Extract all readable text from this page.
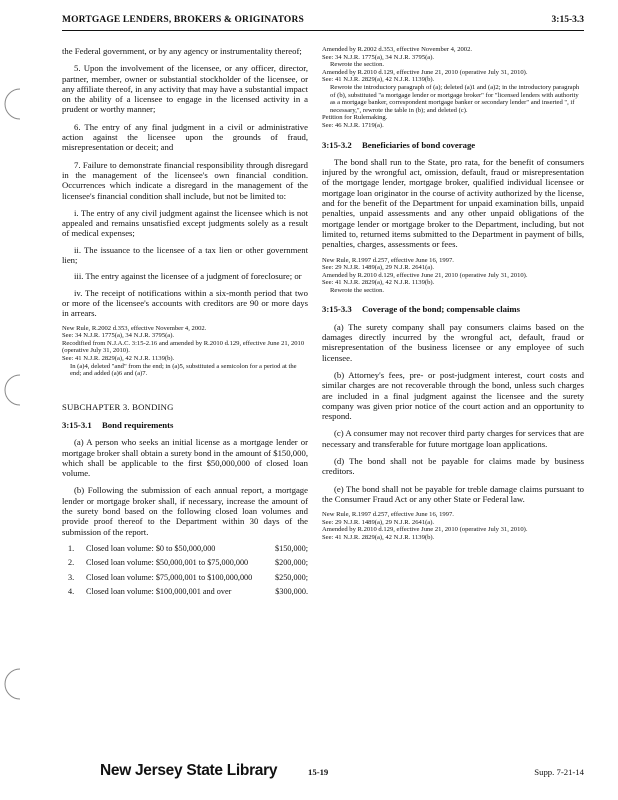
MORTGAGE LENDERS, BROKERS & ORIGINATORS	3:15-3.3

the Federal government, or by any agency or instrumentality thereof;

5. Upon the involvement of the licensee, or any officer, director, partner, member, owner or substantial stockholder of the licensee, or any affiliate thereof, in any activity that may have a substantial impact on the ability of a licensee to engage in the licensed activity in a prudent or worthy manner;

6. The entry of any final judgment in a civil or administrative action against the licensee upon the grounds of fraud, misrepresentation or deceit; and

7. Failure to demonstrate financial responsibility through disregard in the management of the licensee's own financial condition. Occurrences which indicate a disregard in the management of the licensee's financial condition shall include, but not be limited to:

i. The entry of any civil judgment against the licensee which is not appealed and remains unsatisfied except judgments solely as a result of medical expenses;

ii. The issuance to the licensee of a tax lien or other government lien;

iii. The entry against the licensee of a judgment of foreclosure; or

iv. The receipt of notifications within a six-month period that two or more of the licensee's accounts with creditors are 90 or more days in arrears.

New Rule, R.2002 d.353, effective November 4, 2002.

See: 34 N.J.R. 1775(a), 34 N.J.R. 3795(a).

Recodified from N.J.A.C. 3:15-2.16 and amended by R.2010 d.129, effective June 21, 2010 (operative July 31, 2010).

See: 41 N.J.R. 2829(a), 42 N.J.R. 1139(b).

In (a)4, deleted "and" from the end; in (a)5, substituted a semicolon for a period at the end; and added (a)6 and (a)7.

SUBCHAPTER 3. BONDING
3:15-3.1 Bond requirements

(a) A person who seeks an initial license as a mortgage lender or mortgage broker shall obtain a surety bond in the amount of $150,000, which shall be applicable to the first $50,000,000 of closed loan volume.

(b) Following the submission of each annual report, a mortgage lender or mortgage broker shall, if necessary, increase the amount of the surety bond based on the following closed loan volumes and provide proof thereof to the Department within 30 days of the submission of the report.

1.	Closed loan volume: $0 to $50,000,000	$150,000;
2.	Closed loan volume: $50,000,001 to $75,000,000	$200,000;
3.	Closed loan volume: $75,000,001 to $100,000,000	$250,000;
4.	Closed loan volume: $100,000,001 and over	$300,000.

Amended by R.2002 d.353, effective November 4, 2002.

See: 34 N.J.R. 1775(a), 34 N.J.R. 3795(a).

Rewrote the section.

Amended by R.2010 d.129, effective June 21, 2010 (operative July 31, 2010).

See: 41 N.J.R. 2829(a), 42 N.J.R. 1139(b).

Rewrote the introductory paragraph of (a); deleted (a)1 and (a)2; in the introductory paragraph of (b), substituted "a mortgage lender or mortgage broker" for "licensed lenders with authority as a mortgage banker, correspondent mortgage banker or secondary lender" and inserted ", if necessary,", rewrote the table in (b); and deleted (c).

Petition for Rulemaking.

See: 46 N.J.R. 1719(a).

3:15-3.2 Beneficiaries of bond coverage

The bond shall run to the State, pro rata, for the benefit of consumers injured by the wrongful act, omission, default, fraud or misrepresentation of the mortgage lender, mortgage broker, qualified individual licensee or mortgage loan originator in the course of activity authorized by the license, and for the benefit of the Department for unpaid examination bills, unpaid penalties, unpaid assessments and any other unpaid obligations of the mortgage lender or mortgage broker to the Department, including, but not limited to, returned items submitted to the Department in payment of bills, penalties, charges, assessments or fees.

New Rule, R.1997 d.257, effective June 16, 1997.

See: 29 N.J.R. 1489(a), 29 N.J.R. 2641(a).

Amended by R.2010 d.129, effective June 21, 2010 (operative July 31, 2010).

See: 41 N.J.R. 2829(a), 42 N.J.R. 1139(b).

Rewrote the section.

3:15-3.3 Coverage of the bond; compensable claims

(a) The surety company shall pay consumers claims based on the damages directly incurred by the wrongful act, default, fraud or misrepresentation of the business licensee or any employee of such licensee.

(b) Attorney's fees, pre- or post-judgment interest, court costs and similar charges are not recoverable through the bond, unless such charges are included in a final judgment against the licensee and the surety company was given prior notice of the court action and an opportunity to respond.

(c) A consumer may not recover third party charges for services that are necessary and transferable for future mortgage loan applications.

(d) The bond shall not be payable for claims made by business creditors.

(e) The bond shall not be payable for treble damage claims pursuant to the Consumer Fraud Act or any other State or Federal law.

New Rule, R.1997 d.257, effective June 16, 1997.

See: 29 N.J.R. 1489(a), 29 N.J.R. 2641(a).

Amended by R.2010 d.129, effective June 21, 2010 (operative July 31, 2010).

See: 41 N.J.R. 2829(a), 42 N.J.R. 1139(b).

New Jersey State Library	15-19	Supp. 7-21-14
